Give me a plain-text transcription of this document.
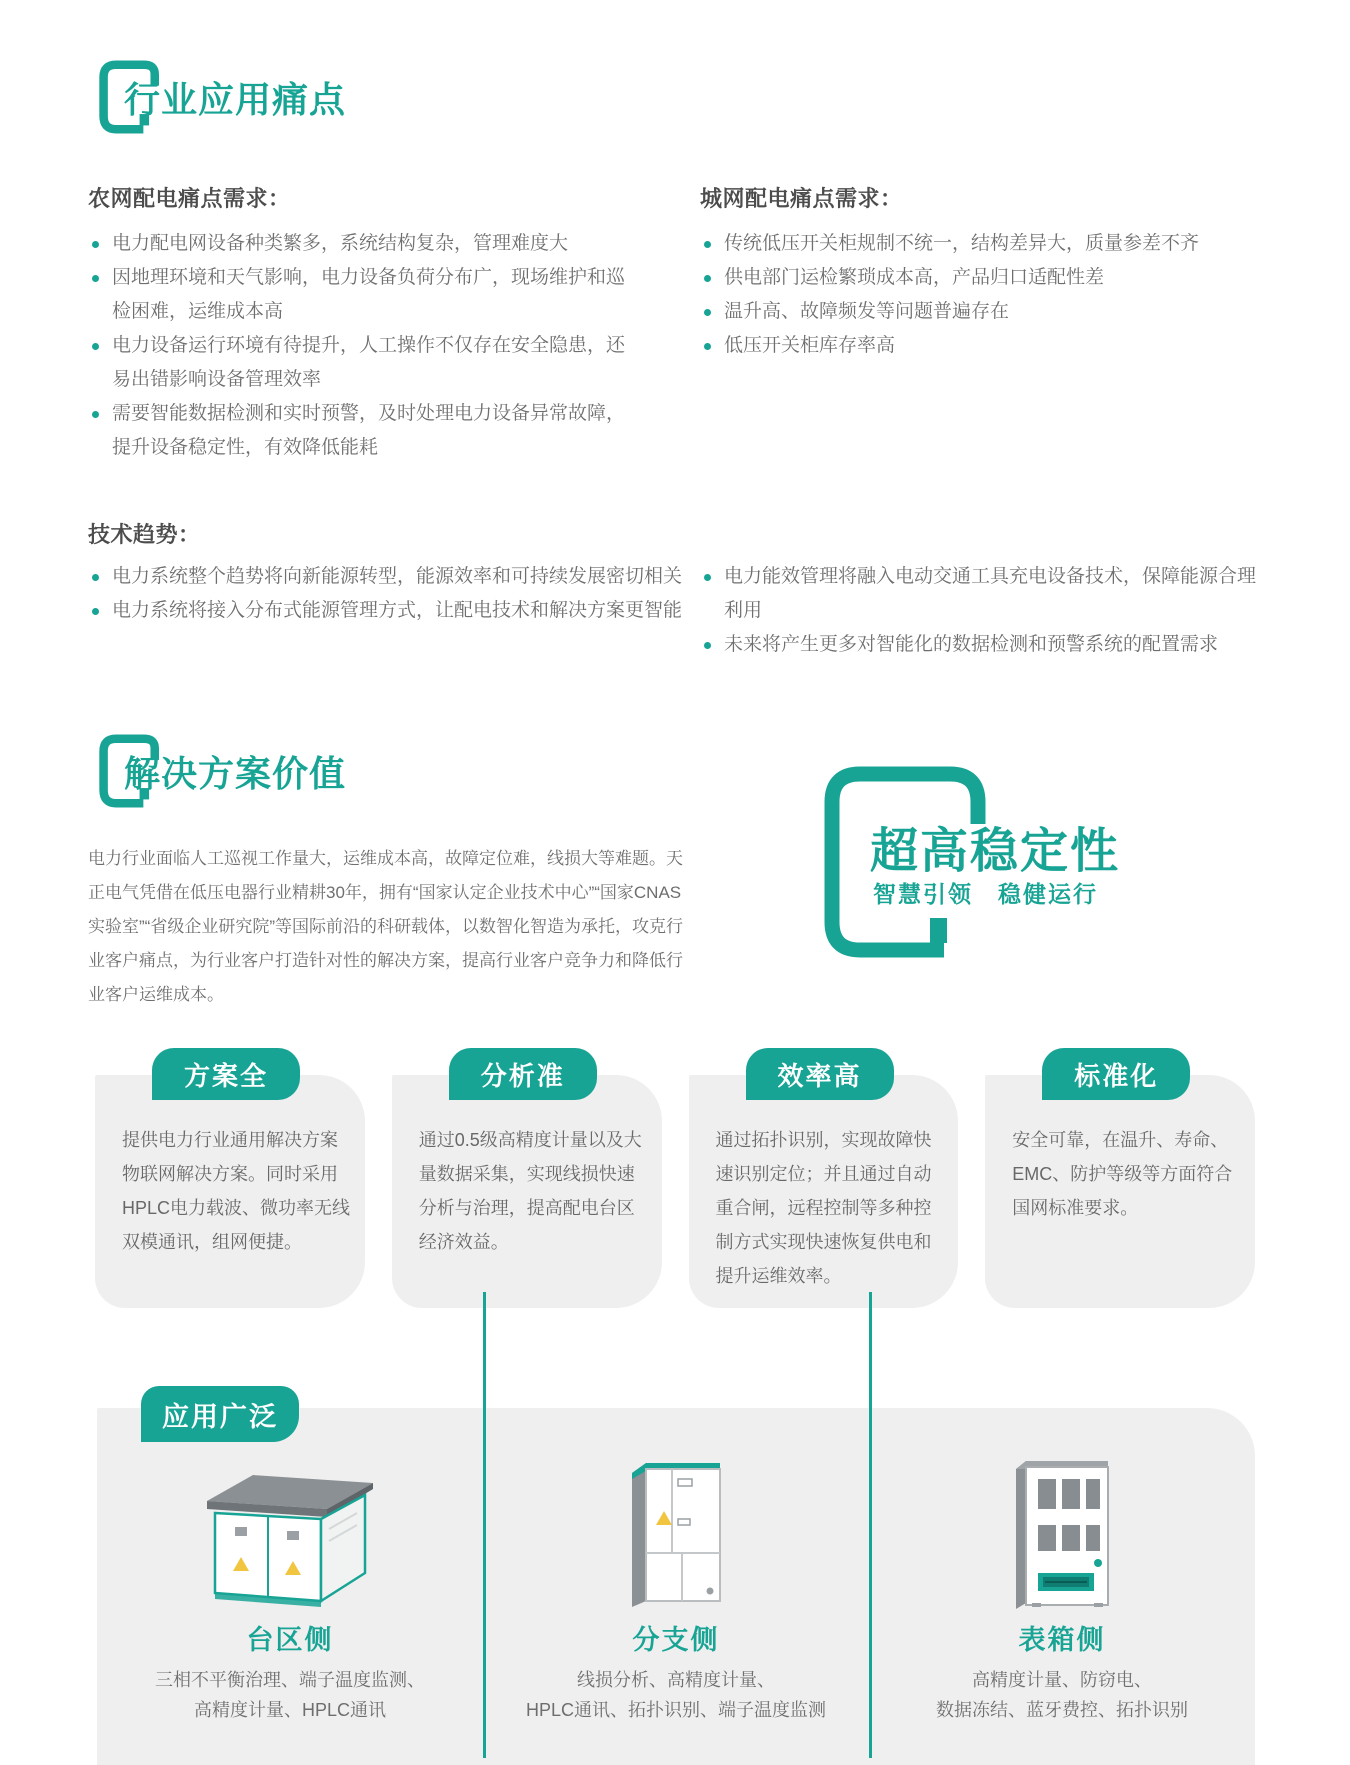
行业应用痛点
农网配电痛点需求：
电力配电网设备种类繁多，系统结构复杂，管理难度大
因地理环境和天气影响，电力设备负荷分布广，现场维护和巡检困难，运维成本高
电力设备运行环境有待提升，人工操作不仅存在安全隐患，还易出错影响设备管理效率
需要智能数据检测和实时预警，及时处理电力设备异常故障，提升设备稳定性，有效降低能耗
城网配电痛点需求：
传统低压开关柜规制不统一，结构差异大，质量参差不齐
供电部门运检繁琐成本高，产品归口适配性差
温升高、故障频发等问题普遍存在
低压开关柜库存率高
技术趋势：
电力系统整个趋势将向新能源转型，能源效率和可持续发展密切相关
电力系统将接入分布式能源管理方式，让配电技术和解决方案更智能
电力能效管理将融入电动交通工具充电设备技术，保障能源合理利用
未来将产生更多对智能化的数据检测和预警系统的配置需求
解决方案价值
电力行业面临人工巡视工作量大，运维成本高，故障定位难，线损大等难题。天正电气凭借在低压电器行业精耕30年，拥有“国家认定企业技术中心”“国家CNAS实验室”“省级企业研究院”等国际前沿的科研载体，以数智化智造为承托，攻克行业客户痛点，为行业客户打造针对性的解决方案，提高行业客户竞争力和降低行业客户运维成本。
超高稳定性
智慧引领　稳健运行
方案全
提供电力行业通用解决方案物联网解决方案。同时采用HPLC电力载波、微功率无线双模通讯，组网便捷。
分析准
通过0.5级高精度计量以及大量数据采集，实现线损快速分析与治理，提高配电台区经济效益。
效率高
通过拓扑识别，实现故障快速识别定位；并且通过自动重合闸，远程控制等多种控制方式实现快速恢复供电和提升运维效率。
标准化
安全可靠，在温升、寿命、EMC、防护等级等方面符合国网标准要求。
应用广泛
台区侧
三相不平衡治理、端子温度监测、
高精度计量、HPLC通讯
分支侧
线损分析、高精度计量、
HPLC通讯、拓扑识别、端子温度监测
表箱侧
高精度计量、防窃电、
数据冻结、蓝牙费控、拓扑识别
